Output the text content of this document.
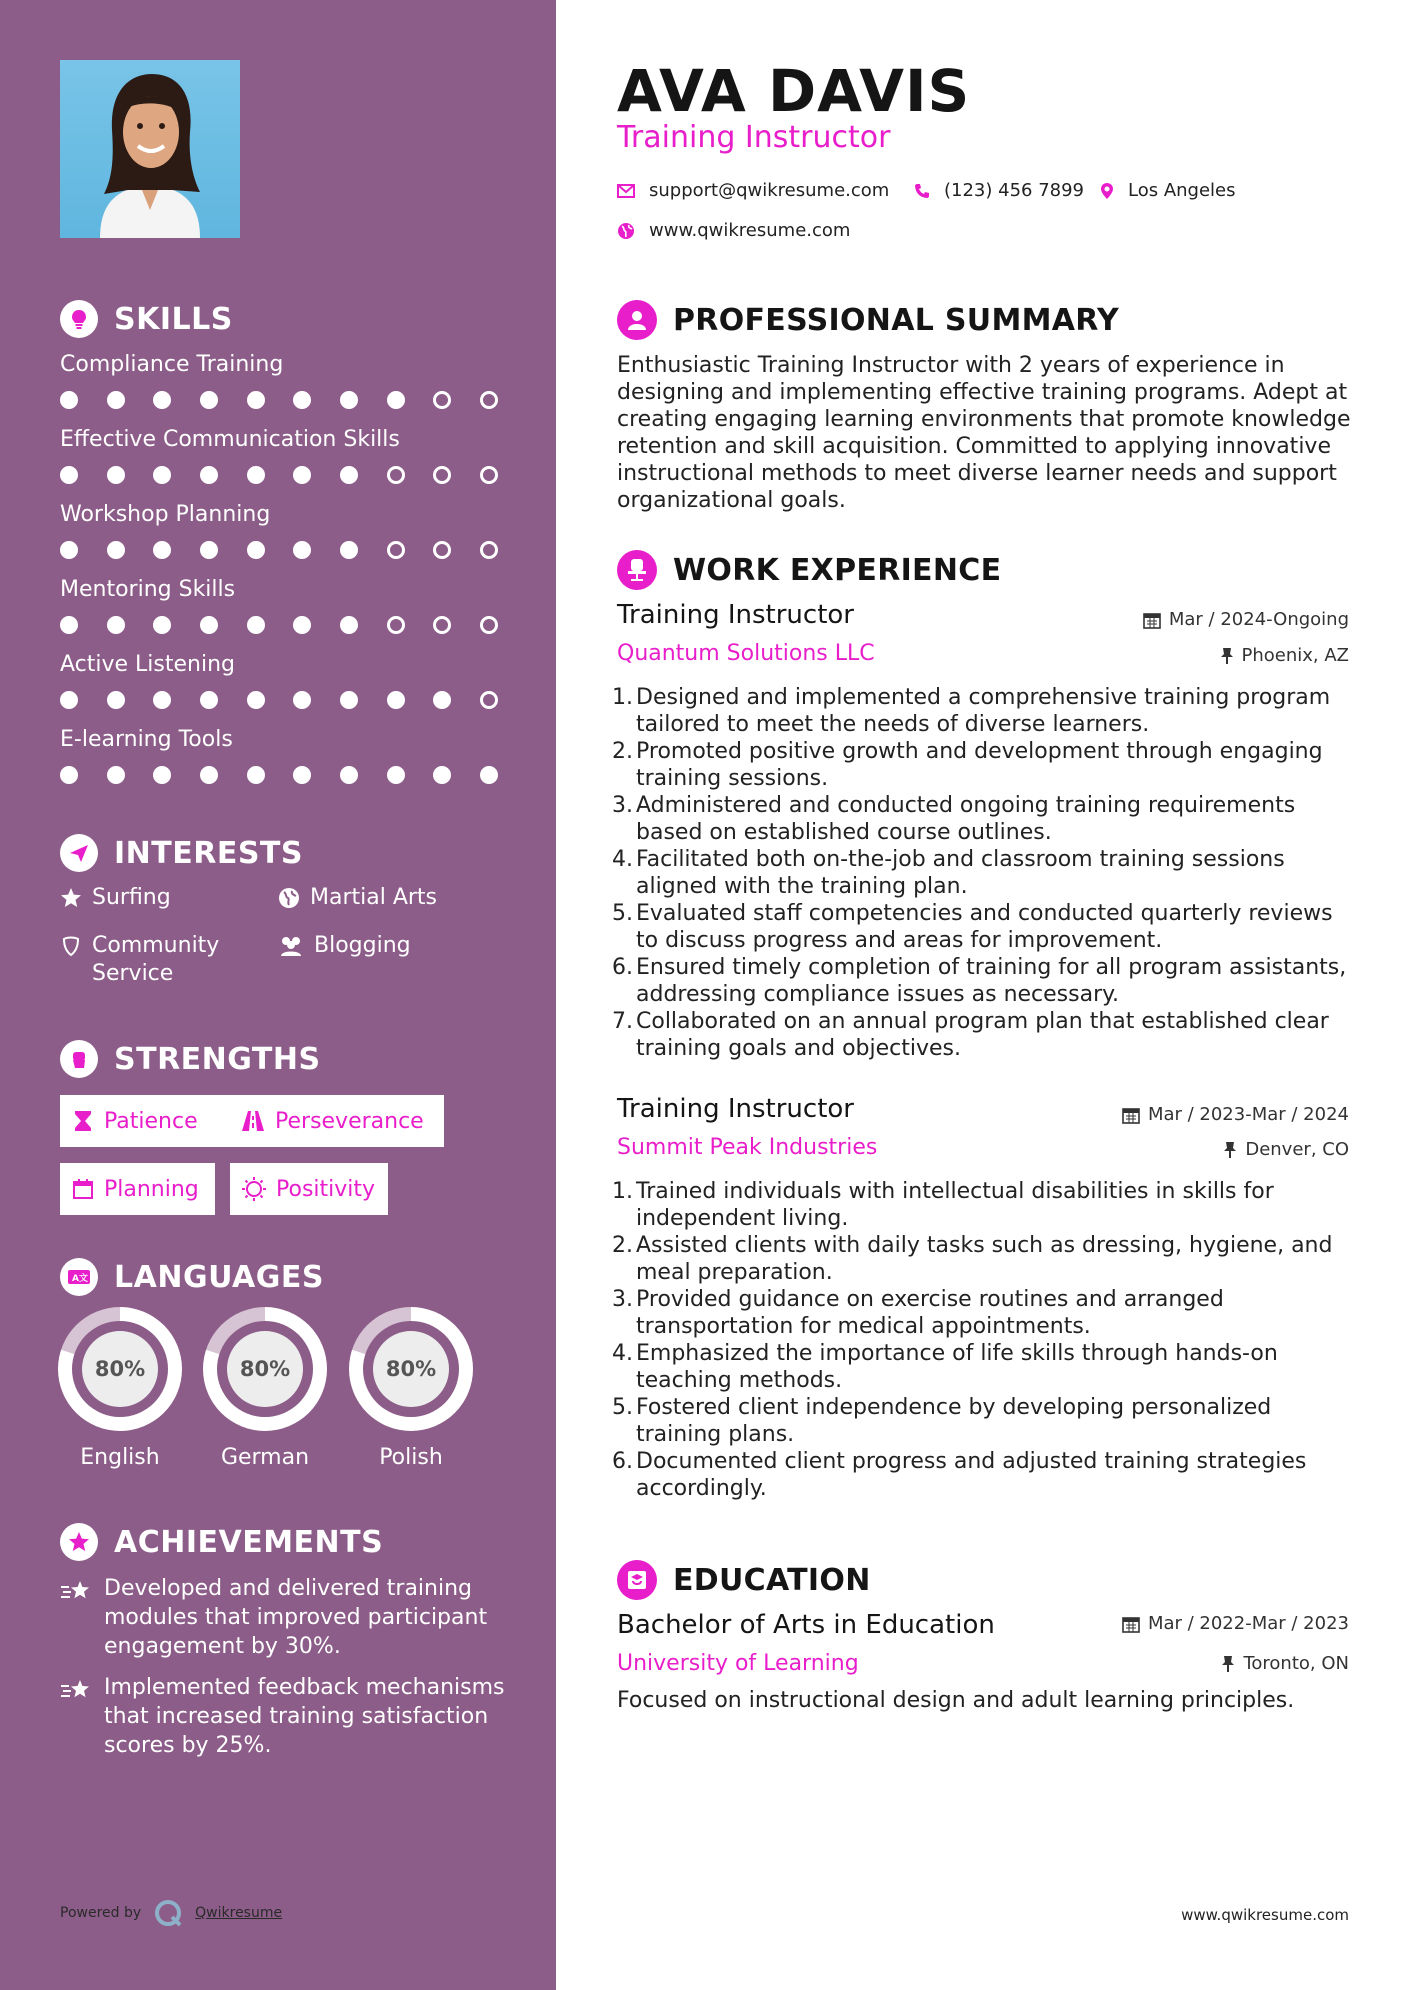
SKILLS
Compliance Training
Effective Communication Skills
Workshop Planning
Mentoring Skills
Active Listening
E-learning Tools
INTERESTS
Surfing	Martial Arts
Community Service
Blogging
STRENGTHS
Patience	Perseverance
Planning	Positivity
A文 LANGUAGES
80%
English
80%
German
80%
Polish
ACHIEVEMENTS
Developed and delivered training modules that improved participant engagement by 30%.
Implemented feedback mechanisms that increased training satisfaction scores by 25%.
Powered by	Qwikresume
AVA DAVIS
Training Instructor
support@qwikresume.com	(123) 456 7899 Los Angeles
www.qwikresume.com
PROFESSIONAL SUMMARY
Enthusiastic Training Instructor with 2 years of experience in designing and implementing effective training programs. Adept at creating engaging learning environments that promote knowledge retention and skill acquisition. Committed to applying innovative instructional methods to meet diverse learner needs and support organizational goals.
WORK EXPERIENCE
Training Instructor	Mar / 2024-Ongoing
Quantum Solutions LLC	Phoenix, AZ
1. Designed and implemented a comprehensive training program tailored to meet the needs of diverse learners.
2. Promoted positive growth and development through engaging training sessions.
3. Administered and conducted ongoing training requirements based on established course outlines.
4. Facilitated both on-the-job and classroom training sessions aligned with the training plan.
5. Evaluated staff competencies and conducted quarterly reviews to discuss progress and areas for improvement.
6. Ensured timely completion of training for all program assistants, addressing compliance issues as necessary.
7. Collaborated on an annual program plan that established clear training goals and objectives.
Training Instructor	Mar / 2023-Mar / 2024
Summit Peak Industries	Denver, CO
1. Trained individuals with intellectual disabilities in skills for independent living.
2. Assisted clients with daily tasks such as dressing, hygiene, and meal preparation.
3. Provided guidance on exercise routines and arranged transportation for medical appointments.
4. Emphasized the importance of life skills through hands-on teaching methods.
5. Fostered client independence by developing personalized training plans.
6. Documented client progress and adjusted training strategies accordingly.
EDUCATION
Bachelor of Arts in Education	Mar / 2022-Mar / 2023
University of Learning	Toronto, ON
Focused on instructional design and adult learning principles.
www.qwikresume.com
